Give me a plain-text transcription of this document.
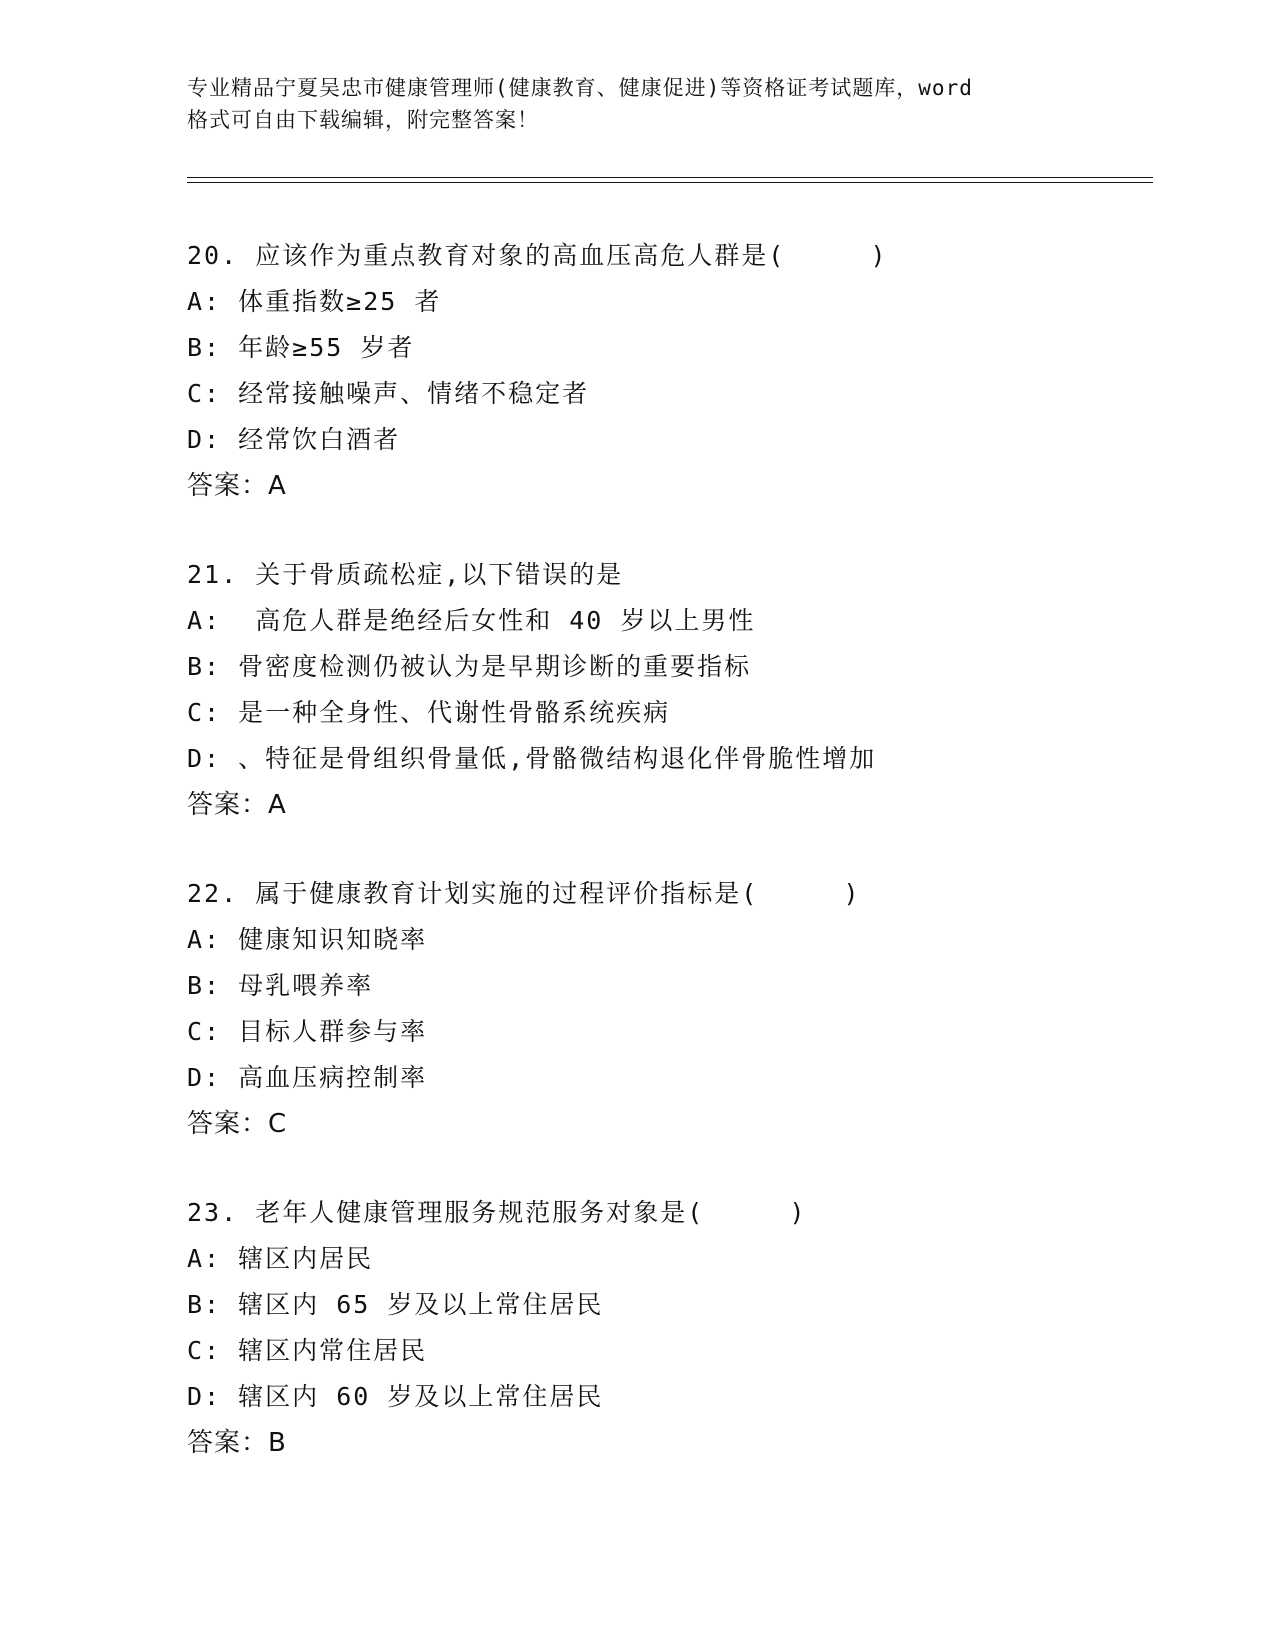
专业精品宁夏吴忠市健康管理师(健康教育、健康促进)等资格证考试题库，word
格式可自由下载编辑，附完整答案！
20. 应该作为重点教育对象的高血压高危人群是(     )
A: 体重指数≥25 者
B: 年龄≥55 岁者
C: 经常接触噪声、情绪不稳定者
D: 经常饮白酒者
答案：A
21. 关于骨质疏松症,以下错误的是
A:  高危人群是绝经后女性和 40 岁以上男性
B: 骨密度检测仍被认为是早期诊断的重要指标
C: 是一种全身性、代谢性骨骼系统疾病
D: 、特征是骨组织骨量低,骨骼微结构退化伴骨脆性增加
答案：A
22. 属于健康教育计划实施的过程评价指标是(     )
A: 健康知识知晓率
B: 母乳喂养率
C: 目标人群参与率
D: 高血压病控制率
答案：C
23. 老年人健康管理服务规范服务对象是(     )
A: 辖区内居民
B: 辖区内 65 岁及以上常住居民
C: 辖区内常住居民
D: 辖区内 60 岁及以上常住居民
答案：B
